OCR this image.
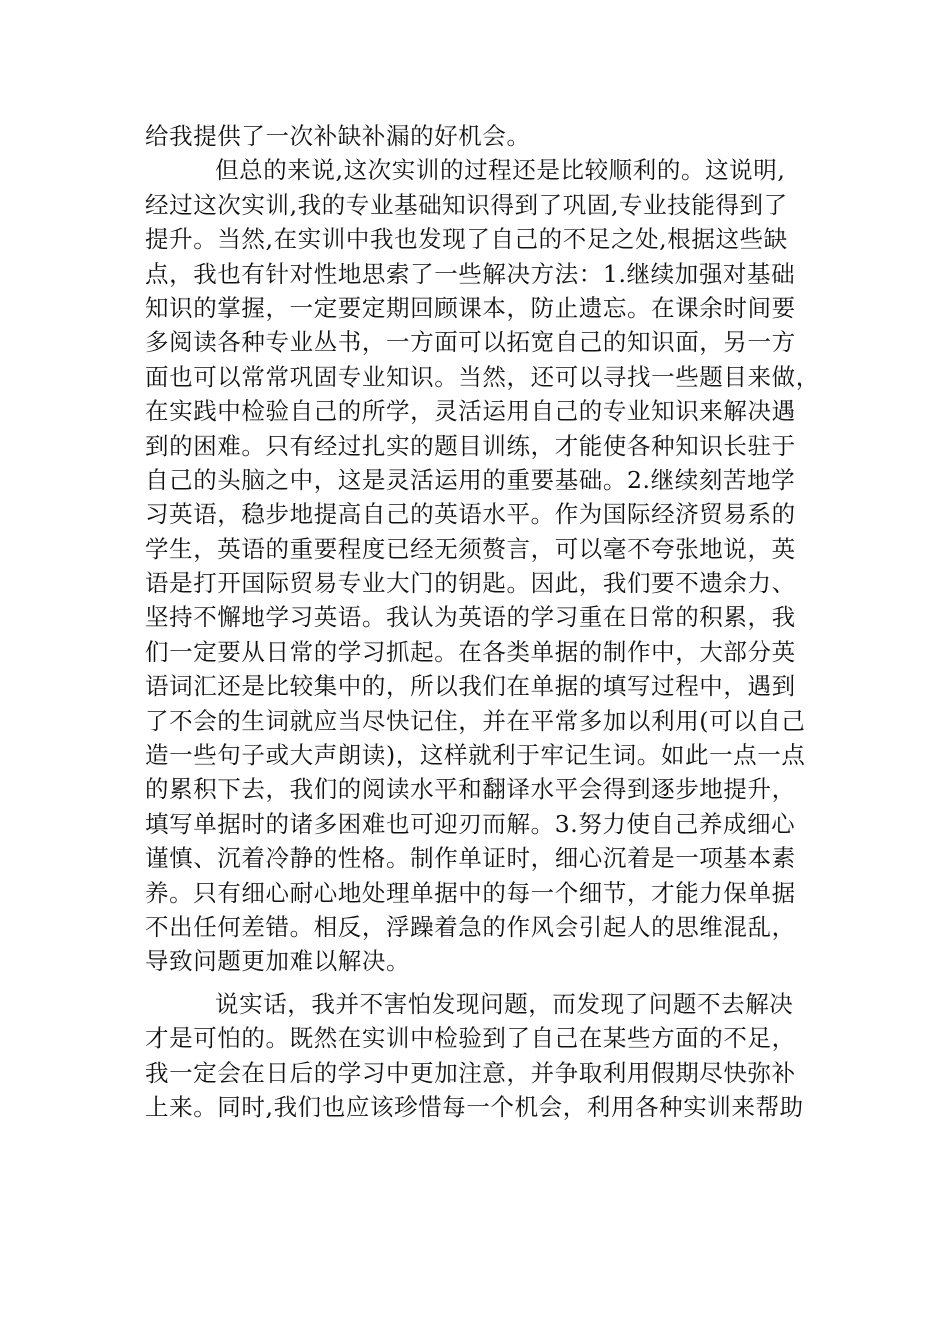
给我提供了一次补缺补漏的好机会。
但总的来说,这次实训的过程还是比较顺利的。这说明,
经过这次实训,我的专业基础知识得到了巩固,专业技能得到了
提升。当然,在实训中我也发现了自己的不足之处,根据这些缺
点，我也有针对性地思索了一些解决方法：1.继续加强对基础
知识的掌握，一定要定期回顾课本，防止遗忘。在课余时间要
多阅读各种专业丛书，一方面可以拓宽自己的知识面，另一方
面也可以常常巩固专业知识。当然，还可以寻找一些题目来做，
在实践中检验自己的所学，灵活运用自己的专业知识来解决遇
到的困难。只有经过扎实的题目训练，才能使各种知识长驻于
自己的头脑之中，这是灵活运用的重要基础。2.继续刻苦地学
习英语，稳步地提高自己的英语水平。作为国际经济贸易系的
学生，英语的重要程度已经无须赘言，可以毫不夸张地说，英
语是打开国际贸易专业大门的钥匙。因此，我们要不遗余力、
坚持不懈地学习英语。我认为英语的学习重在日常的积累，我
们一定要从日常的学习抓起。在各类单据的制作中，大部分英
语词汇还是比较集中的，所以我们在单据的填写过程中，遇到
了不会的生词就应当尽快记住，并在平常多加以利用(可以自己
造一些句子或大声朗读)，这样就利于牢记生词。如此一点一点
的累积下去，我们的阅读水平和翻译水平会得到逐步地提升，
填写单据时的诸多困难也可迎刃而解。3.努力使自己养成细心
谨慎、沉着冷静的性格。制作单证时，细心沉着是一项基本素
养。只有细心耐心地处理单据中的每一个细节，才能力保单据
不出任何差错。相反，浮躁着急的作风会引起人的思维混乱，
导致问题更加难以解决。
说实话，我并不害怕发现问题，而发现了问题不去解决
才是可怕的。既然在实训中检验到了自己在某些方面的不足，
我一定会在日后的学习中更加注意，并争取利用假期尽快弥补
上来。同时,我们也应该珍惜每一个机会，利用各种实训来帮助
